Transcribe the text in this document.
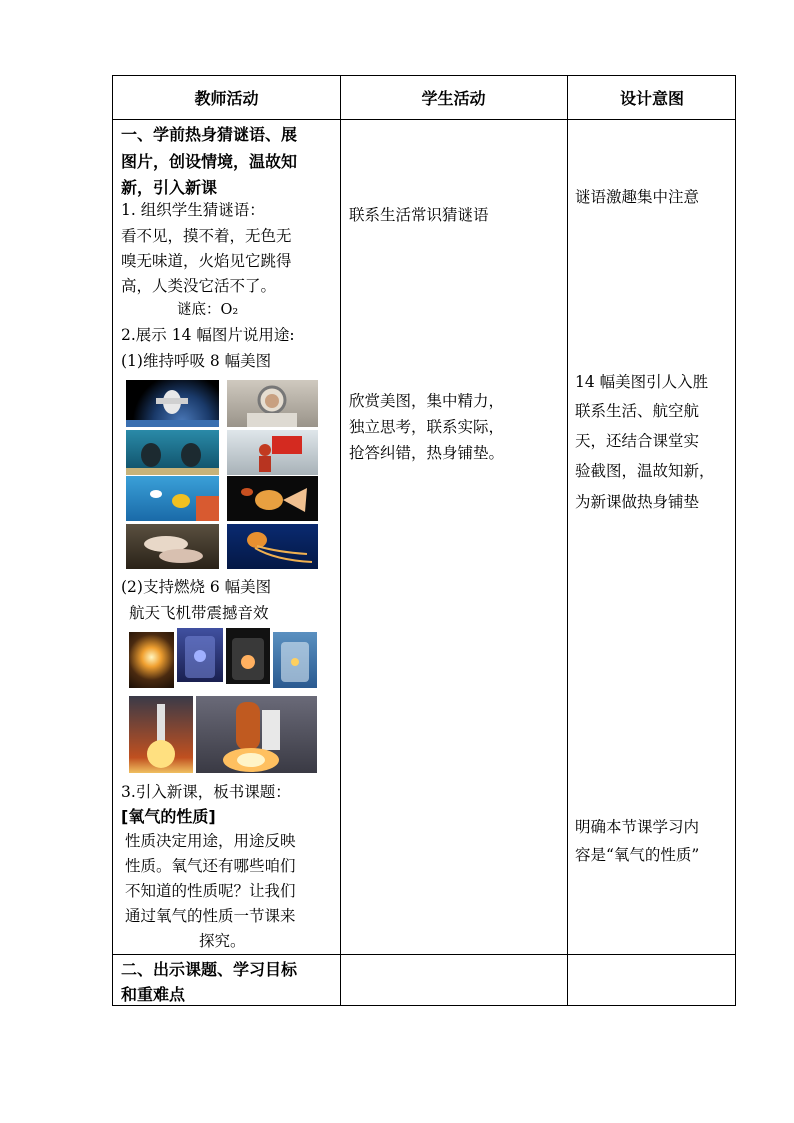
教师活动	学生活动	设计意图
一、学前热身猜谜语、展
图片，创设情境，温故知
新，引入新课
1. 组织学生猜谜语：
看不见，摸不着，无色无
嗅无味道，火焰见它跳得
高，人类没它活不了。
谜底：O₂
2.展示 14 幅图片说用途:
(1)维持呼吸 8 幅美图
(2)支持燃烧 6 幅美图
航天飞机带震撼音效
3.引入新课，板书课题：
[氧气的性质]
性质决定用途，用途反映
性质。氧气还有哪些咱们
不知道的性质呢？让我们
通过氧气的性质一节课来
探究。
联系生活常识猜谜语
欣赏美图，集中精力，
独立思考，联系实际，
抢答纠错，热身铺垫。
谜语激趣集中注意
14 幅美图引人入胜
联系生活、航空航
天，还结合课堂实
验截图，温故知新，
为新课做热身铺垫
明确本节课学习内
容是“氧气的性质”
二、出示课题、学习目标
和重难点
